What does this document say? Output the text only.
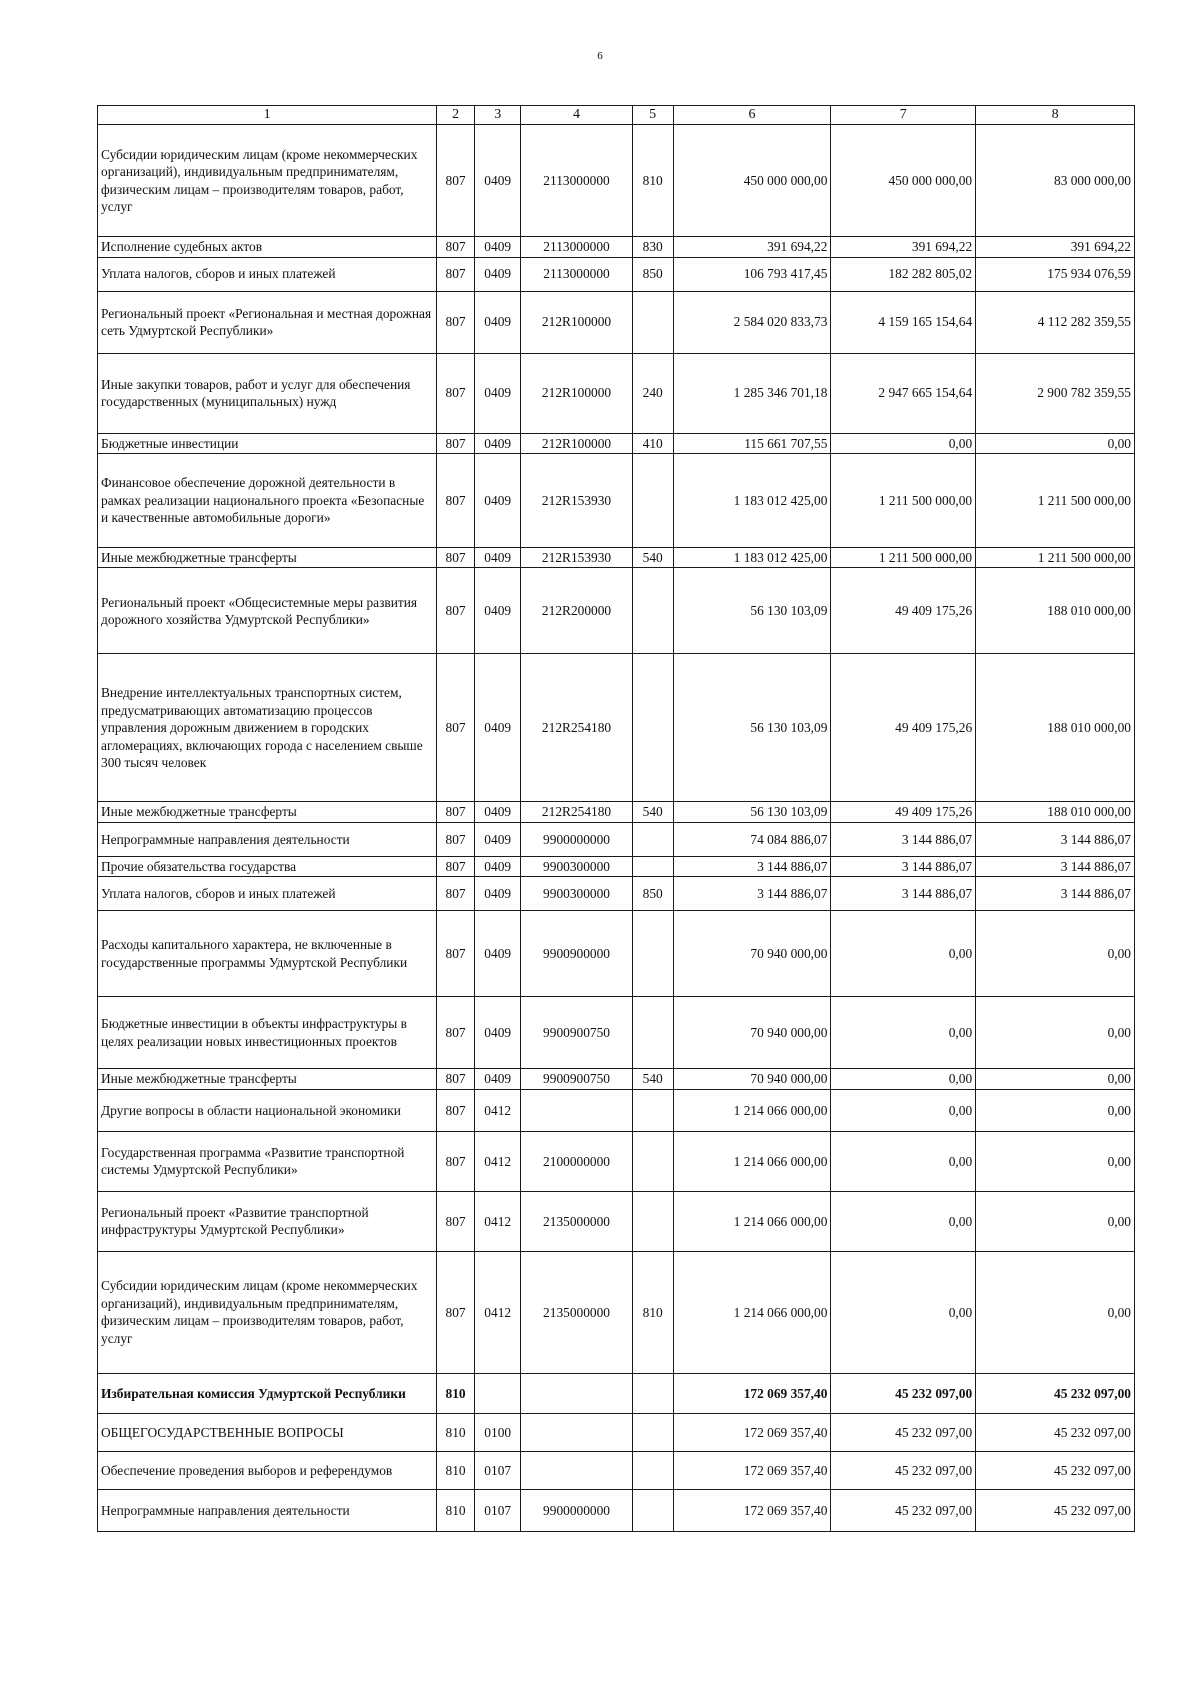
6
1	2	3	4	5	6	7	8
Субсидии юридическим лицам (кроме некоммерческих организаций), индивидуальным предпринимателям, физическим лицам – производителям товаров, работ, услуг	807	0409	2113000000	810	450 000 000,00	450 000 000,00	83 000 000,00
Исполнение судебных актов	807	0409	2113000000	830	391 694,22	391 694,22	391 694,22
Уплата налогов, сборов и иных платежей	807	0409	2113000000	850	106 793 417,45	182 282 805,02	175 934 076,59
Региональный проект «Региональная и местная дорожная сеть Удмуртской Республики»	807	0409	212R100000		2 584 020 833,73	4 159 165 154,64	4 112 282 359,55
Иные закупки товаров, работ и услуг для обеспечения государственных (муниципальных) нужд	807	0409	212R100000	240	1 285 346 701,18	2 947 665 154,64	2 900 782 359,55
Бюджетные инвестиции	807	0409	212R100000	410	115 661 707,55	0,00	0,00
Финансовое обеспечение дорожной деятельности в рамках реализации национального проекта «Безопасные и качественные автомобильные дороги»	807	0409	212R153930		1 183 012 425,00	1 211 500 000,00	1 211 500 000,00
Иные межбюджетные трансферты	807	0409	212R153930	540	1 183 012 425,00	1 211 500 000,00	1 211 500 000,00
Региональный проект «Общесистемные меры развития дорожного хозяйства Удмуртской Республики»	807	0409	212R200000		56 130 103,09	49 409 175,26	188 010 000,00
Внедрение интеллектуальных транспортных систем, предусматривающих автоматизацию процессов управления дорожным движением в городских агломерациях, включающих города с населением свыше 300 тысяч человек	807	0409	212R254180		56 130 103,09	49 409 175,26	188 010 000,00
Иные межбюджетные трансферты	807	0409	212R254180	540	56 130 103,09	49 409 175,26	188 010 000,00
Непрограммные направления деятельности	807	0409	9900000000		74 084 886,07	3 144 886,07	3 144 886,07
Прочие обязательства государства	807	0409	9900300000		3 144 886,07	3 144 886,07	3 144 886,07
Уплата налогов, сборов и иных платежей	807	0409	9900300000	850	3 144 886,07	3 144 886,07	3 144 886,07
Расходы капитального характера, не включенные в государственные программы Удмуртской Республики	807	0409	9900900000		70 940 000,00	0,00	0,00
Бюджетные инвестиции в объекты инфраструктуры в целях реализации новых инвестиционных проектов	807	0409	9900900750		70 940 000,00	0,00	0,00
Иные межбюджетные трансферты	807	0409	9900900750	540	70 940 000,00	0,00	0,00
Другие вопросы в области национальной экономики	807	0412			1 214 066 000,00	0,00	0,00
Государственная программа «Развитие транспортной системы Удмуртской Республики»	807	0412	2100000000		1 214 066 000,00	0,00	0,00
Региональный проект «Развитие транспортной инфраструктуры Удмуртской Республики»	807	0412	2135000000		1 214 066 000,00	0,00	0,00
Субсидии юридическим лицам (кроме некоммерческих организаций), индивидуальным предпринимателям, физическим лицам – производителям товаров, работ, услуг	807	0412	2135000000	810	1 214 066 000,00	0,00	0,00
Избирательная комиссия Удмуртской Республики	810				172 069 357,40	45 232 097,00	45 232 097,00
ОБЩЕГОСУДАРСТВЕННЫЕ ВОПРОСЫ	810	0100			172 069 357,40	45 232 097,00	45 232 097,00
Обеспечение проведения выборов и референдумов	810	0107			172 069 357,40	45 232 097,00	45 232 097,00
Непрограммные направления деятельности	810	0107	9900000000		172 069 357,40	45 232 097,00	45 232 097,00
